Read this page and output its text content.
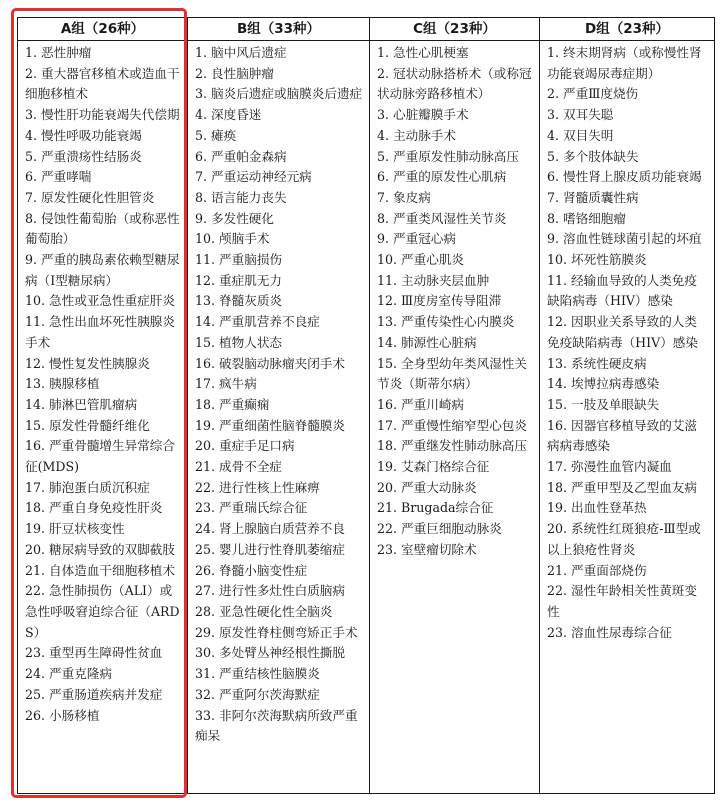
A组（26种）
1. 恶性肿瘤
2. 重大器官移植术或造血干细胞移植术
3. 慢性肝功能衰竭失代偿期
4. 慢性呼吸功能衰竭
5. 严重溃疡性结肠炎
6. 严重哮喘
7. 原发性硬化性胆管炎
8. 侵蚀性葡萄胎（或称恶性葡萄胎）
9. 严重的胰岛素依赖型糖尿病（Ⅰ型糖尿病）
10. 急性或亚急性重症肝炎
11. 急性出血坏死性胰腺炎手术
12. 慢性复发性胰腺炎
13. 胰腺移植
14. 肺淋巴管肌瘤病
15. 原发性骨髓纤维化
16. 严重骨髓增生异常综合征(MDS)
17. 肺泡蛋白质沉积症
18. 严重自身免疫性肝炎
19. 肝豆状核变性
20. 糖尿病导致的双脚截肢
21. 自体造血干细胞移植术
22. 急性肺损伤（ALI）或急性呼吸窘迫综合征（ARDS）
23. 重型再生障碍性贫血
24. 严重克隆病
25. 严重肠道疾病并发症
26. 小肠移植
B组（33种）
1. 脑中风后遗症
2. 良性脑肿瘤
3. 脑炎后遗症或脑膜炎后遗症
4. 深度昏迷
5. 瘫痪
6. 严重帕金森病
7. 严重运动神经元病
8. 语言能力丧失
9. 多发性硬化
10. 颅脑手术
11. 严重脑损伤
12. 重症肌无力
13. 脊髓灰质炎
14. 严重肌营养不良症
15. 植物人状态
16. 破裂脑动脉瘤夹闭手术
17. 疯牛病
18. 严重癫痫
19. 严重细菌性脑脊髓膜炎
20. 重症手足口病
21. 成骨不全症
22. 进行性核上性麻痹
23. 严重瑞氏综合征
24. 肾上腺脑白质营养不良
25. 婴儿进行性脊肌萎缩症
26. 脊髓小脑变性症
27. 进行性多灶性白质脑病
28. 亚急性硬化性全脑炎
29. 原发性脊柱侧弯矫正手术
30. 多处臂丛神经根性撕脱
31. 严重结核性脑膜炎
32. 严重阿尔茨海默症
33. 非阿尔茨海默病所致严重痴呆
C组（23种）
1. 急性心肌梗塞
2. 冠状动脉搭桥术（或称冠状动脉旁路移植术）
3. 心脏瓣膜手术
4. 主动脉手术
5. 严重原发性肺动脉高压
6. 严重的原发性心肌病
7. 象皮病
8. 严重类风湿性关节炎
9. 严重冠心病
10. 严重心肌炎
11. 主动脉夹层血肿
12. Ⅲ度房室传导阻滞
13. 严重传染性心内膜炎
14. 肺源性心脏病
15. 全身型幼年类风湿性关节炎（斯蒂尔病）
16. 严重川崎病
17. 严重慢性缩窄型心包炎
18. 严重继发性肺动脉高压
19. 艾森门格综合征
20. 严重大动脉炎
21. Brugada综合征
22. 严重巨细胞动脉炎
23. 室壁瘤切除术
D组（23种）
1. 终末期肾病（或称慢性肾功能衰竭尿毒症期）
2. 严重Ⅲ度烧伤
3. 双耳失聪
4. 双目失明
5. 多个肢体缺失
6. 慢性肾上腺皮质功能衰竭
7. 肾髓质囊性病
8. 嗜铬细胞瘤
9. 溶血性链球菌引起的坏疽
10. 坏死性筋膜炎
11. 经输血导致的人类免疫缺陷病毒（HIV）感染
12. 因职业关系导致的人类免疫缺陷病毒（HIV）感染
13. 系统性硬皮病
14. 埃博拉病毒感染
15. 一肢及单眼缺失
16. 因器官移植导致的艾滋病病毒感染
17. 弥漫性血管内凝血
18. 严重甲型及乙型血友病
19. 出血性登革热
20. 系统性红斑狼疮-Ⅲ型或以上狼疮性肾炎
21. 严重面部烧伤
22. 湿性年龄相关性黄斑变性
23. 溶血性尿毒综合征
